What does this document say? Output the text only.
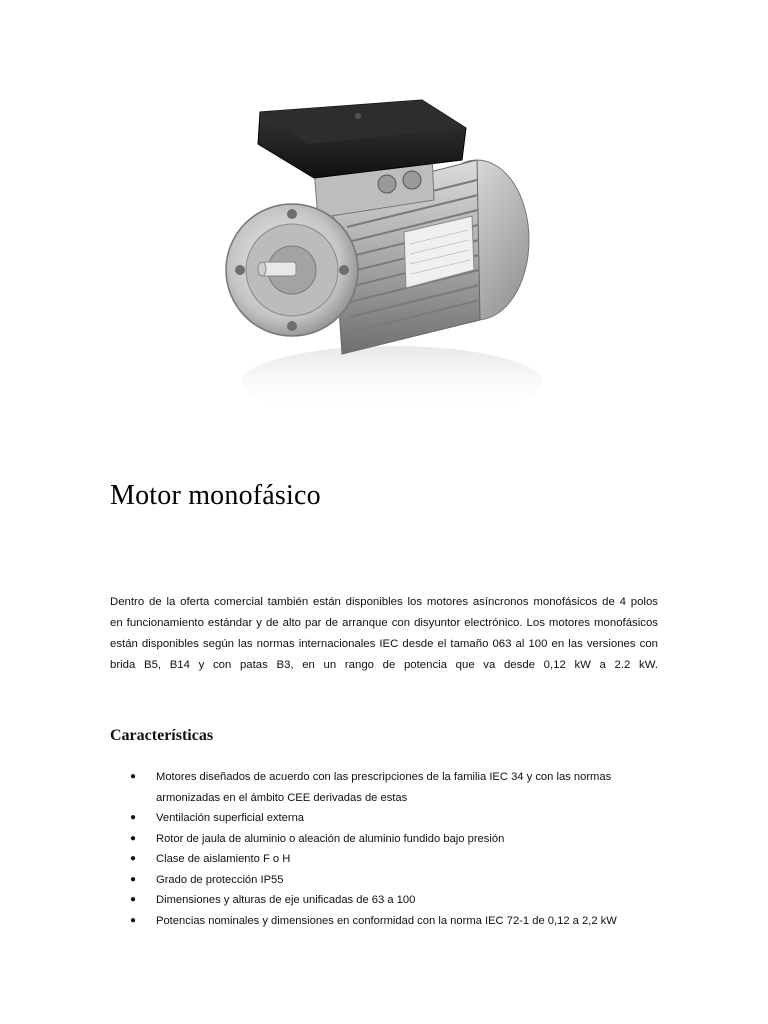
Motor monofásico

Dentro de la oferta comercial también están disponibles los motores asíncronos monofásicos de 4 polos
en funcionamiento estándar y de alto par de arranque con disyuntor electrónico. Los motores monofásicos
están disponibles según las normas internacionales IEC desde el tamaño 063 al 100 en las versiones con
brida B5, B14 y con patas B3, en un rango de potencia que va desde 0,12 kW a 2.2 kW.

Características
● Motores diseñados de acuerdo con las prescripciones de la familia IEC 34 y con las normas armonizadas en el ámbito CEE derivadas de estas
● Ventilación superficial externa
● Rotor de jaula de aluminio o aleación de aluminio fundido bajo presión
● Clase de aislamiento F o H
● Grado de protección IP55
● Dimensiones y alturas de eje unificadas de 63 a 100
● Potencias nominales y dimensiones en conformidad con la norma IEC 72-1 de 0,12 a 2,2 kW
